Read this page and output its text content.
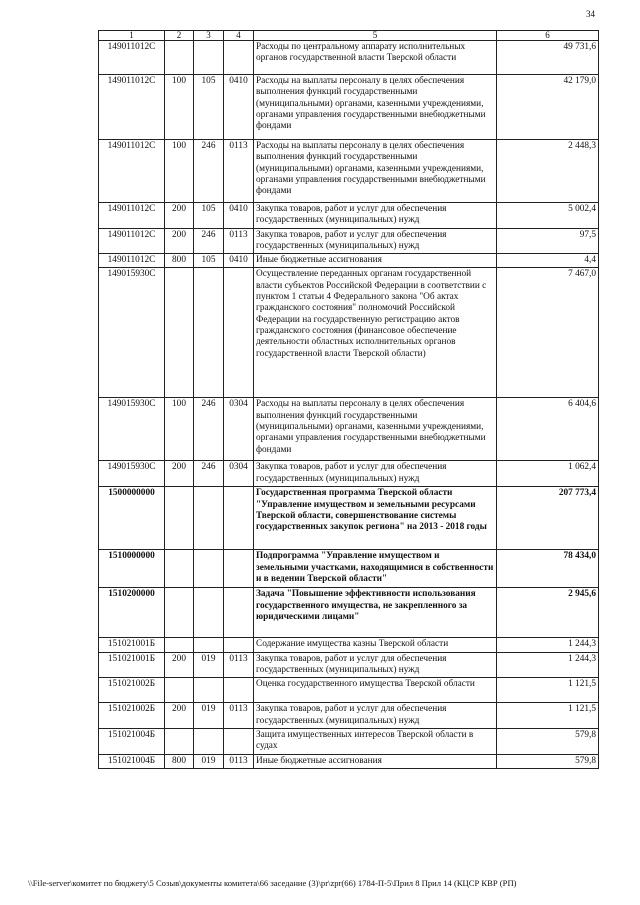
34
1	2	3	4	5	6
149011012С				Расходы по центральному аппарату исполнительных органов государственной власти Тверской области	49 731,6
149011012С	100	105	0410	Расходы на выплаты персоналу в целях обеспечения выполнения функций государственными (муниципальными) органами, казенными учреждениями, органами управления государственными внебюджетными фондами	42 179,0
149011012С	100	246	0113	Расходы на выплаты персоналу в целях обеспечения выполнения функций государственными (муниципальными) органами, казенными учреждениями, органами управления государственными внебюджетными фондами	2 448,3
149011012С	200	105	0410	Закупка товаров, работ и услуг для обеспечения государственных (муниципальных) нужд	5 002,4
149011012С	200	246	0113	Закупка товаров, работ и услуг для обеспечения государственных (муниципальных) нужд	97,5
149011012С	800	105	0410	Иные бюджетные ассигнования	4,4
149015930С				Осуществление переданных органам государственной власти субъектов Российской Федерации в соответствии с пунктом 1 статьи 4 Федерального закона "Об актах гражданского состояния" полномочий Российской Федерации на государственную регистрацию актов гражданского состояния (финансовое обеспечение деятельности областных исполнительных органов государственной власти Тверской области)	7 467,0
149015930С	100	246	0304	Расходы на выплаты персоналу в целях обеспечения выполнения функций государственными (муниципальными) органами, казенными учреждениями, органами управления государственными внебюджетными фондами	6 404,6
149015930С	200	246	0304	Закупка товаров, работ и услуг для обеспечения государственных (муниципальных) нужд	1 062,4
1500000000				Государственная программа Тверской области "Управление имуществом и земельными ресурсами Тверской области, совершенствование системы государственных закупок региона" на 2013 - 2018 годы	207 773,4
1510000000				Подпрограмма "Управление имуществом и земельными участками, находящимися в собственности и в ведении Тверской области"	78 434,0
1510200000				Задача "Повышение эффективности использования государственного имущества, не закрепленного за юридическими лицами"	2 945,6
151021001Б				Содержание имущества казны Тверской области	1 244,3
151021001Б	200	019	0113	Закупка товаров, работ и услуг для обеспечения государственных (муниципальных) нужд	1 244,3
151021002Б				Оценка государственного имущества Тверской области	1 121,5
151021002Б	200	019	0113	Закупка товаров, работ и услуг для обеспечения государственных (муниципальных) нужд	1 121,5
151021004Б				Защита имущественных интересов Тверской области в судах	579,8
151021004Б	800	019	0113	Иные бюджетные ассигнования	579,8
\\File-server\комитет по бюджету\5 Созыв\документы комитета\66 заседание (3)\pr\zpr(66) 1784-П-5\Прил 8 Прил 14 (КЦСР КВР (РП)
